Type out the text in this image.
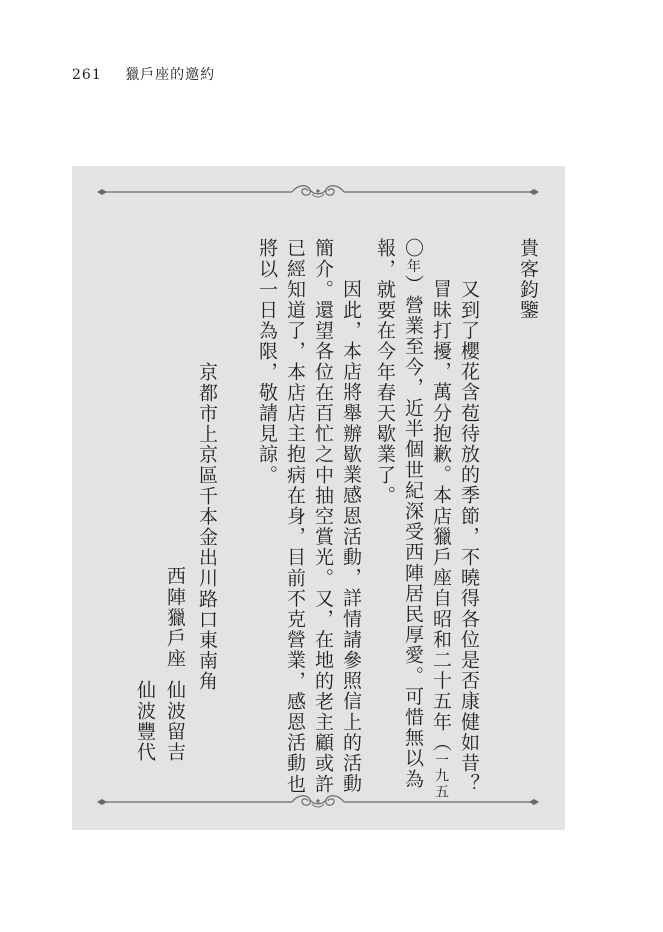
261 獵戶座的邀約
貴客鈞鑒
又到了櫻花含苞待放的季節，不曉得各位是否康健如昔？
冒昧打擾，萬分抱歉。本店獵戶座自昭和二十五年（一九五
〇年）營業至今，近半個世紀深受西陣居民厚愛。可惜無以為
報，就要在今年春天歇業了。
因此，本店將舉辦歇業感恩活動，詳情請參照信上的活動
簡介。還望各位在百忙之中抽空賞光。又，在地的老主顧或許
已經知道了，本店店主抱病在身，目前不克營業，感恩活動也
將以一日為限，敬請見諒。
京都市上京區千本金出川路口東南角
西陣獵戶座
仙波留吉
仙波豐代
